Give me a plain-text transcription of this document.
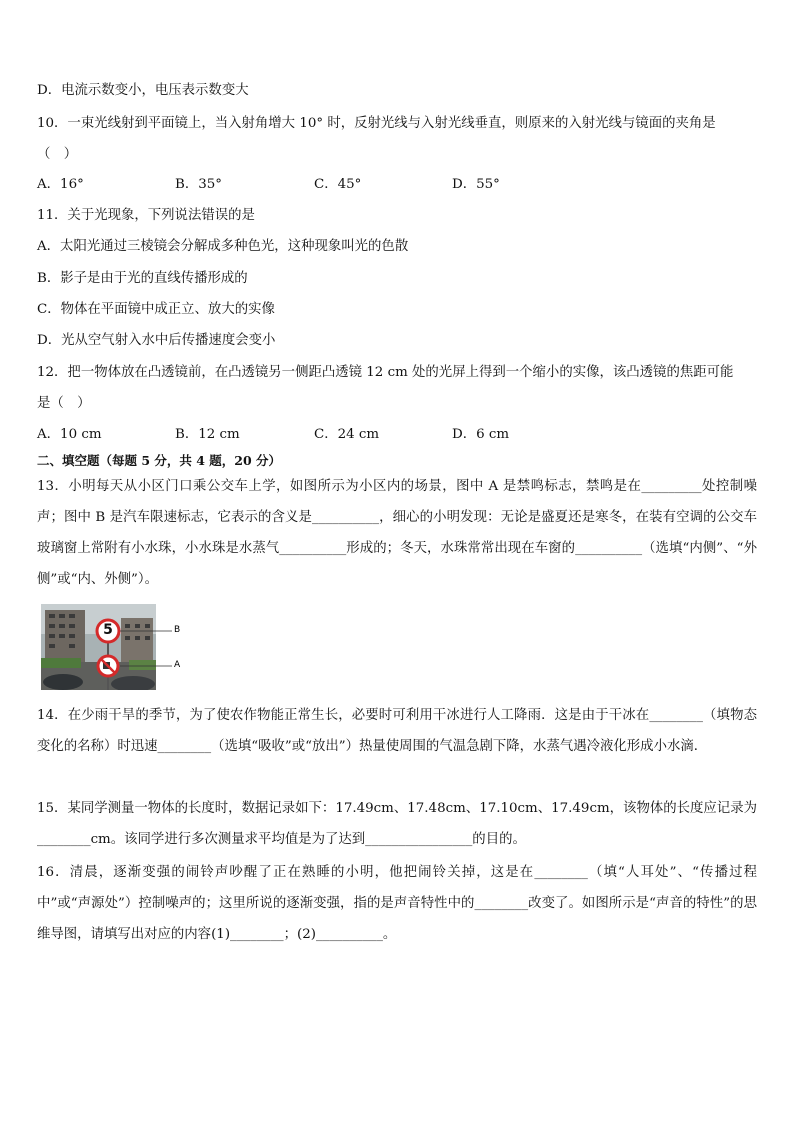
D．电流示数变小，电压表示数变大
10．一束光线射到平面镜上，当入射角增大 10° 时，反射光线与入射光线垂直，则原来的入射光线与镜面的夹角是
（　）
A．16°	B．35°	C．45°	D．55°
11．关于光现象，下列说法错误的是
A．太阳光通过三棱镜会分解成多种色光，这种现象叫光的色散
B．影子是由于光的直线传播形成的
C．物体在平面镜中成正立、放大的实像
D．光从空气射入水中后传播速度会变小
12．把一物体放在凸透镜前，在凸透镜另一侧距凸透镜 12 cm 处的光屏上得到一个缩小的实像，该凸透镜的焦距可能
是（　）
A．10 cm	B．12 cm	C．24 cm	D．6 cm
二、填空题（每题 5 分，共 4 题，20 分）
13．小明每天从小区门口乘公交车上学，如图所示为小区内的场景，图中 A 是禁鸣标志，禁鸣是在_________处控制噪声；图中 B 是汽车限速标志，它表示的含义是__________，细心的小明发现：无论是盛夏还是寒冬，在装有空调的公交车玻璃窗上常附有小水珠，小水珠是水蒸气__________形成的；冬天，水珠常常出现在车窗的__________（选填“内侧”、“外侧”或“内、外侧”）。
5	B
A
14．在少雨干旱的季节，为了使农作物能正常生长，必要时可利用干冰进行人工降雨．这是由于干冰在________（填物态变化的名称）时迅速________（选填“吸收”或“放出”）热量使周围的气温急剧下降，水蒸气遇冷液化形成小水滴．
15．某同学测量一物体的长度时，数据记录如下：17.49cm、17.48cm、17.10cm、17.49cm，该物体的长度应记录为________cm。该同学进行多次测量求平均值是为了达到________________的目的。
16．清晨，逐渐变强的闹铃声吵醒了正在熟睡的小明，他把闹铃关掉，这是在________（填“人耳处”、“传播过程中”或“声源处”）控制噪声的；这里所说的逐渐变强，指的是声音特性中的________改变了。如图所示是“声音的特性”的思维导图，请填写出对应的内容(1)________；(2)__________。
